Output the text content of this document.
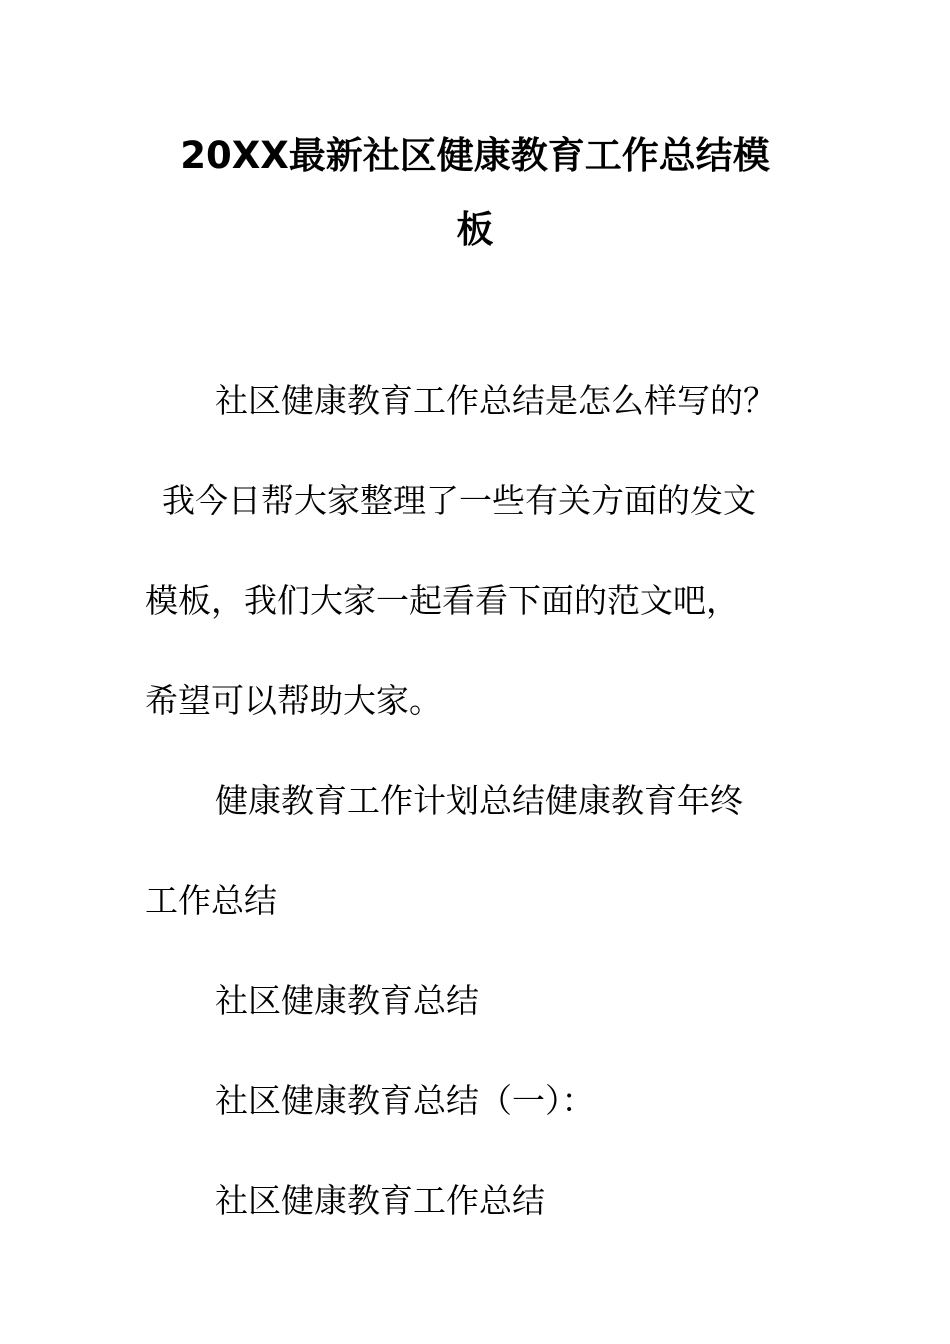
20XX最新社区健康教育工作总结模
板
社区健康教育工作总结是怎么样写的？
我今日帮大家整理了一些有关方面的发文
模板，我们大家一起看看下面的范文吧，
希望可以帮助大家。
健康教育工作计划总结健康教育年终
工作总结
社区健康教育总结
社区健康教育总结（一）：
社区健康教育工作总结
